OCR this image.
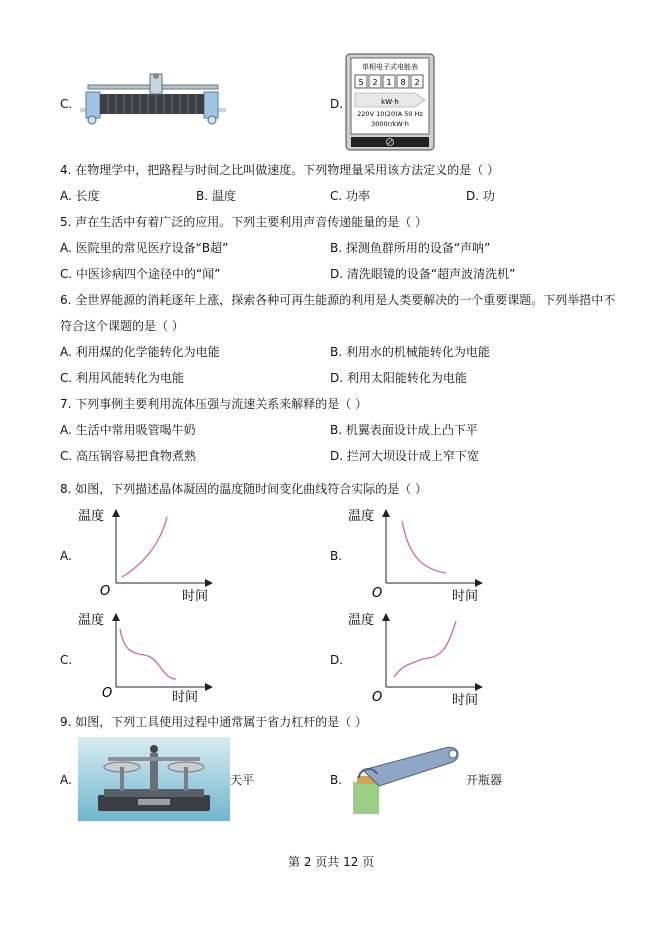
C.	D.
单相电子式电能表
5 2 1 8 2
kW·h
220V 10(20)A 50 Hz
3000r/kW·h
4. 在物理学中，把路程与时间之比叫做速度。下列物理量采用该方法定义的是（ ）
A. 长度	B. 温度	C. 功率	D. 功
5. 声在生活中有着广泛的应用。下列主要利用声音传递能量的是（ ）
A. 医院里的常见医疗设备“B超”	B. 探测鱼群所用的设备“声呐”
C. 中医诊病四个途径中的“闻”	D. 清洗眼镜的设备“超声波清洗机”
6. 全世界能源的消耗逐年上涨，探索各种可再生能源的利用是人类要解决的一个重要课题。下列举措中不
符合这个课题的是（ ）
A. 利用煤的化学能转化为电能	B. 利用水的机械能转化为电能
C. 利用风能转化为电能	D. 利用太阳能转化为电能
7. 下列事例主要利用流体压强与流速关系来解释的是（ ）
A. 生活中常用吸管喝牛奶	B. 机翼表面设计成上凸下平
C. 高压锅容易把食物煮熟	D. 拦河大坝设计成上窄下宽
8. 如图，下列描述晶体凝固的温度随时间变化曲线符合实际的是（ ）
A.	B.
C.	D.
温度
时间
O
温度
时间
O
温度
时间
O
温度
时间
O
9. 如图，下列工具使用过程中通常属于省力杠杆的是（ ）
A.	天平	B.	开瓶器
第 2 页共 12 页
